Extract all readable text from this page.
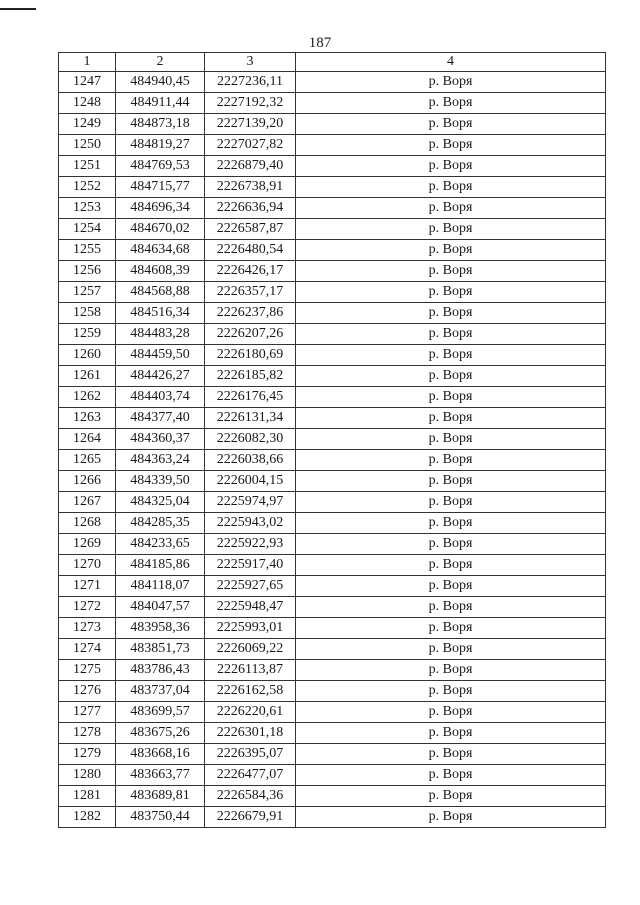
187
1	2	3	4
1247	484940,45	2227236,11	р. Воря
1248	484911,44	2227192,32	р. Воря
1249	484873,18	2227139,20	р. Воря
1250	484819,27	2227027,82	р. Воря
1251	484769,53	2226879,40	р. Воря
1252	484715,77	2226738,91	р. Воря
1253	484696,34	2226636,94	р. Воря
1254	484670,02	2226587,87	р. Воря
1255	484634,68	2226480,54	р. Воря
1256	484608,39	2226426,17	р. Воря
1257	484568,88	2226357,17	р. Воря
1258	484516,34	2226237,86	р. Воря
1259	484483,28	2226207,26	р. Воря
1260	484459,50	2226180,69	р. Воря
1261	484426,27	2226185,82	р. Воря
1262	484403,74	2226176,45	р. Воря
1263	484377,40	2226131,34	р. Воря
1264	484360,37	2226082,30	р. Воря
1265	484363,24	2226038,66	р. Воря
1266	484339,50	2226004,15	р. Воря
1267	484325,04	2225974,97	р. Воря
1268	484285,35	2225943,02	р. Воря
1269	484233,65	2225922,93	р. Воря
1270	484185,86	2225917,40	р. Воря
1271	484118,07	2225927,65	р. Воря
1272	484047,57	2225948,47	р. Воря
1273	483958,36	2225993,01	р. Воря
1274	483851,73	2226069,22	р. Воря
1275	483786,43	2226113,87	р. Воря
1276	483737,04	2226162,58	р. Воря
1277	483699,57	2226220,61	р. Воря
1278	483675,26	2226301,18	р. Воря
1279	483668,16	2226395,07	р. Воря
1280	483663,77	2226477,07	р. Воря
1281	483689,81	2226584,36	р. Воря
1282	483750,44	2226679,91	р. Воря
